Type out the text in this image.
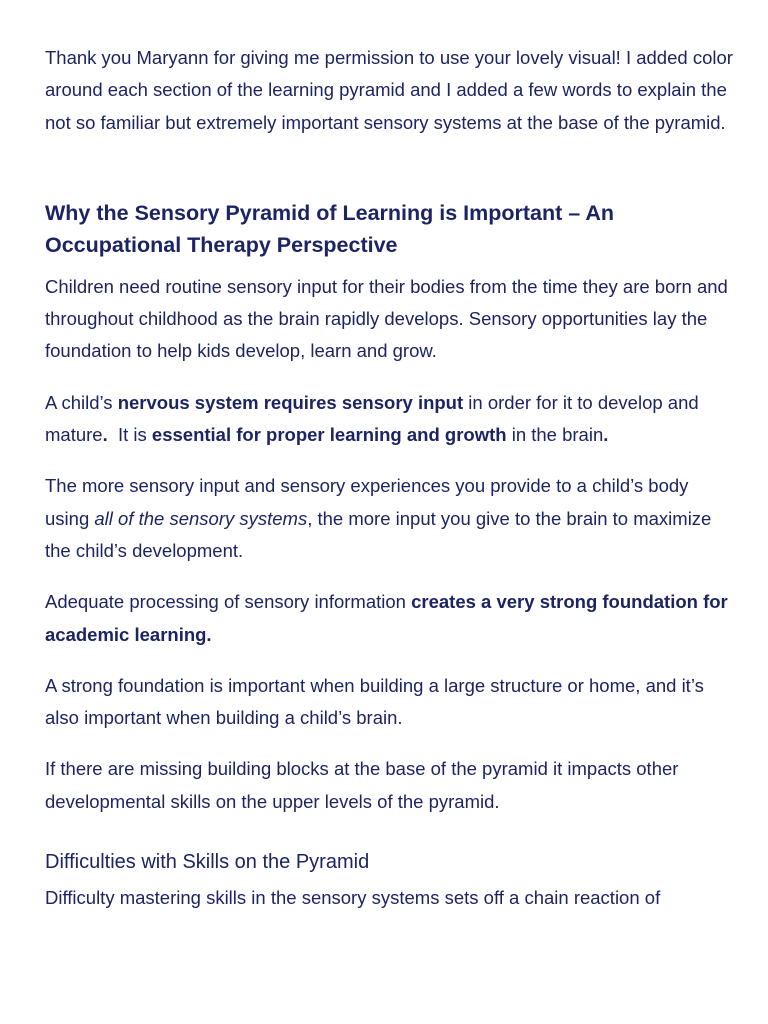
Thank you Maryann for giving me permission to use your lovely visual! I added color around each section of the learning pyramid and I added a few words to explain the not so familiar but extremely important sensory systems at the base of the pyramid.

Why the Sensory Pyramid of Learning is Important – An Occupational Therapy Perspective

Children need routine sensory input for their bodies from the time they are born and throughout childhood as the brain rapidly develops. Sensory opportunities lay the foundation to help kids develop, learn and grow.

A child’s nervous system requires sensory input in order for it to develop and mature.  It is essential for proper learning and growth in the brain.

The more sensory input and sensory experiences you provide to a child’s body using all of the sensory systems, the more input you give to the brain to maximize the child’s development.

Adequate processing of sensory information creates a very strong foundation for academic learning.

A strong foundation is important when building a large structure or home, and it’s also important when building a child’s brain.

If there are missing building blocks at the base of the pyramid it impacts other developmental skills on the upper levels of the pyramid.

Difficulties with Skills on the Pyramid

Difficulty mastering skills in the sensory systems sets off a chain reaction of
